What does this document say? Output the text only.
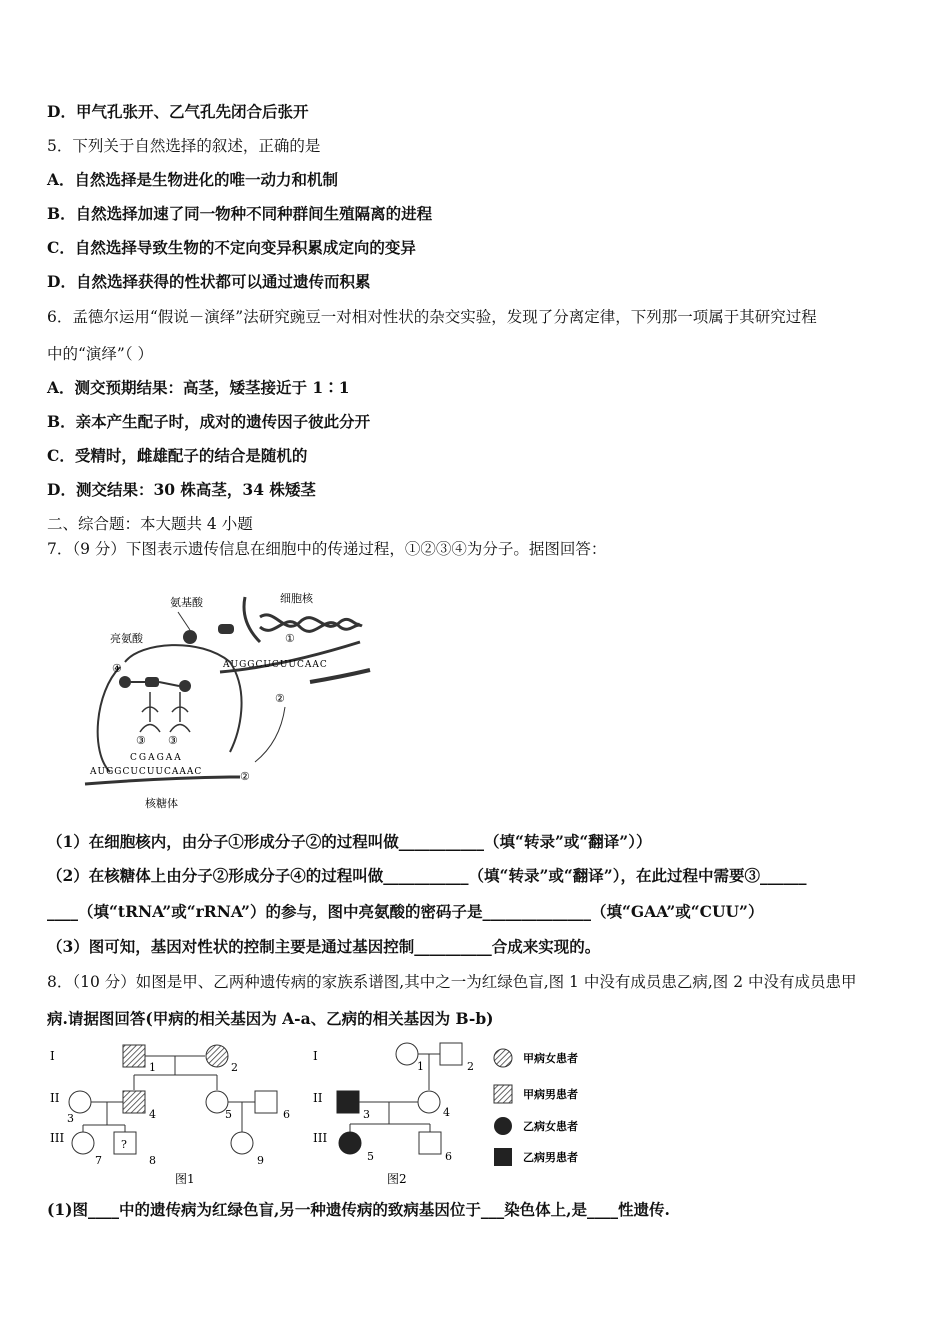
D．甲气孔张开、乙气孔先闭合后张开
5．下列关于自然选择的叙述，正确的是
A．自然选择是生物进化的唯一动力和机制
B．自然选择加速了同一物种不同种群间生殖隔离的进程
C．自然选择导致生物的不定向变异积累成定向的变异
D．自然选择获得的性状都可以通过遗传而积累
6．孟德尔运用“假说－演绎”法研究豌豆一对相对性状的杂交实验，发现了分离定律，下列那一项属于其研究过程
中的“演绎”（ ）
A．测交预期结果：高茎，矮茎接近于 1∶1
B．亲本产生配子时，成对的遗传因子彼此分开
C．受精时，雌雄配子的结合是随机的
D．测交结果：30 株高茎，34 株矮茎
二、综合题：本大题共 4 小题
7．（9 分）下图表示遗传信息在细胞中的传递过程，①②③④为分子。据图回答：
氨基酸	细胞核
亮氨酸	①
AUGGCUCUUCAAC
②
④
③ ③
CGAGAA
AUGGCUCUUCAAAC	②
核糖体
（1）在细胞核内，由分子①形成分子②的过程叫做___________（填“转录”或“翻译”））
（2）在核糖体上由分子②形成分子④的过程叫做___________（填“转录”或“翻译”），在此过程中需要③______
____（填“tRNA”或“rRNA”）的参与，图中亮氨酸的密码子是______________（填“GAA”或“CUU”）
（3）图可知，基因对性状的控制主要是通过基因控制__________合成来实现的。
8．（10 分）如图是甲、乙两种遗传病的家族系谱图,其中之一为红绿色盲,图 1 中没有成员患乙病,图 2 中没有成员患甲
病.请据图回答(甲病的相关基因为 A-a、乙病的相关基因为 B-b)
I
II
III
1	2
3	4	5	6
7
?
8	9
图1
I
II
III
1	2
3	4
5	6
图2
甲病女患者
甲病男患者
乙病女患者
乙病男患者
(1)图____中的遗传病为红绿色盲,另一种遗传病的致病基因位于___染色体上,是____性遗传.
